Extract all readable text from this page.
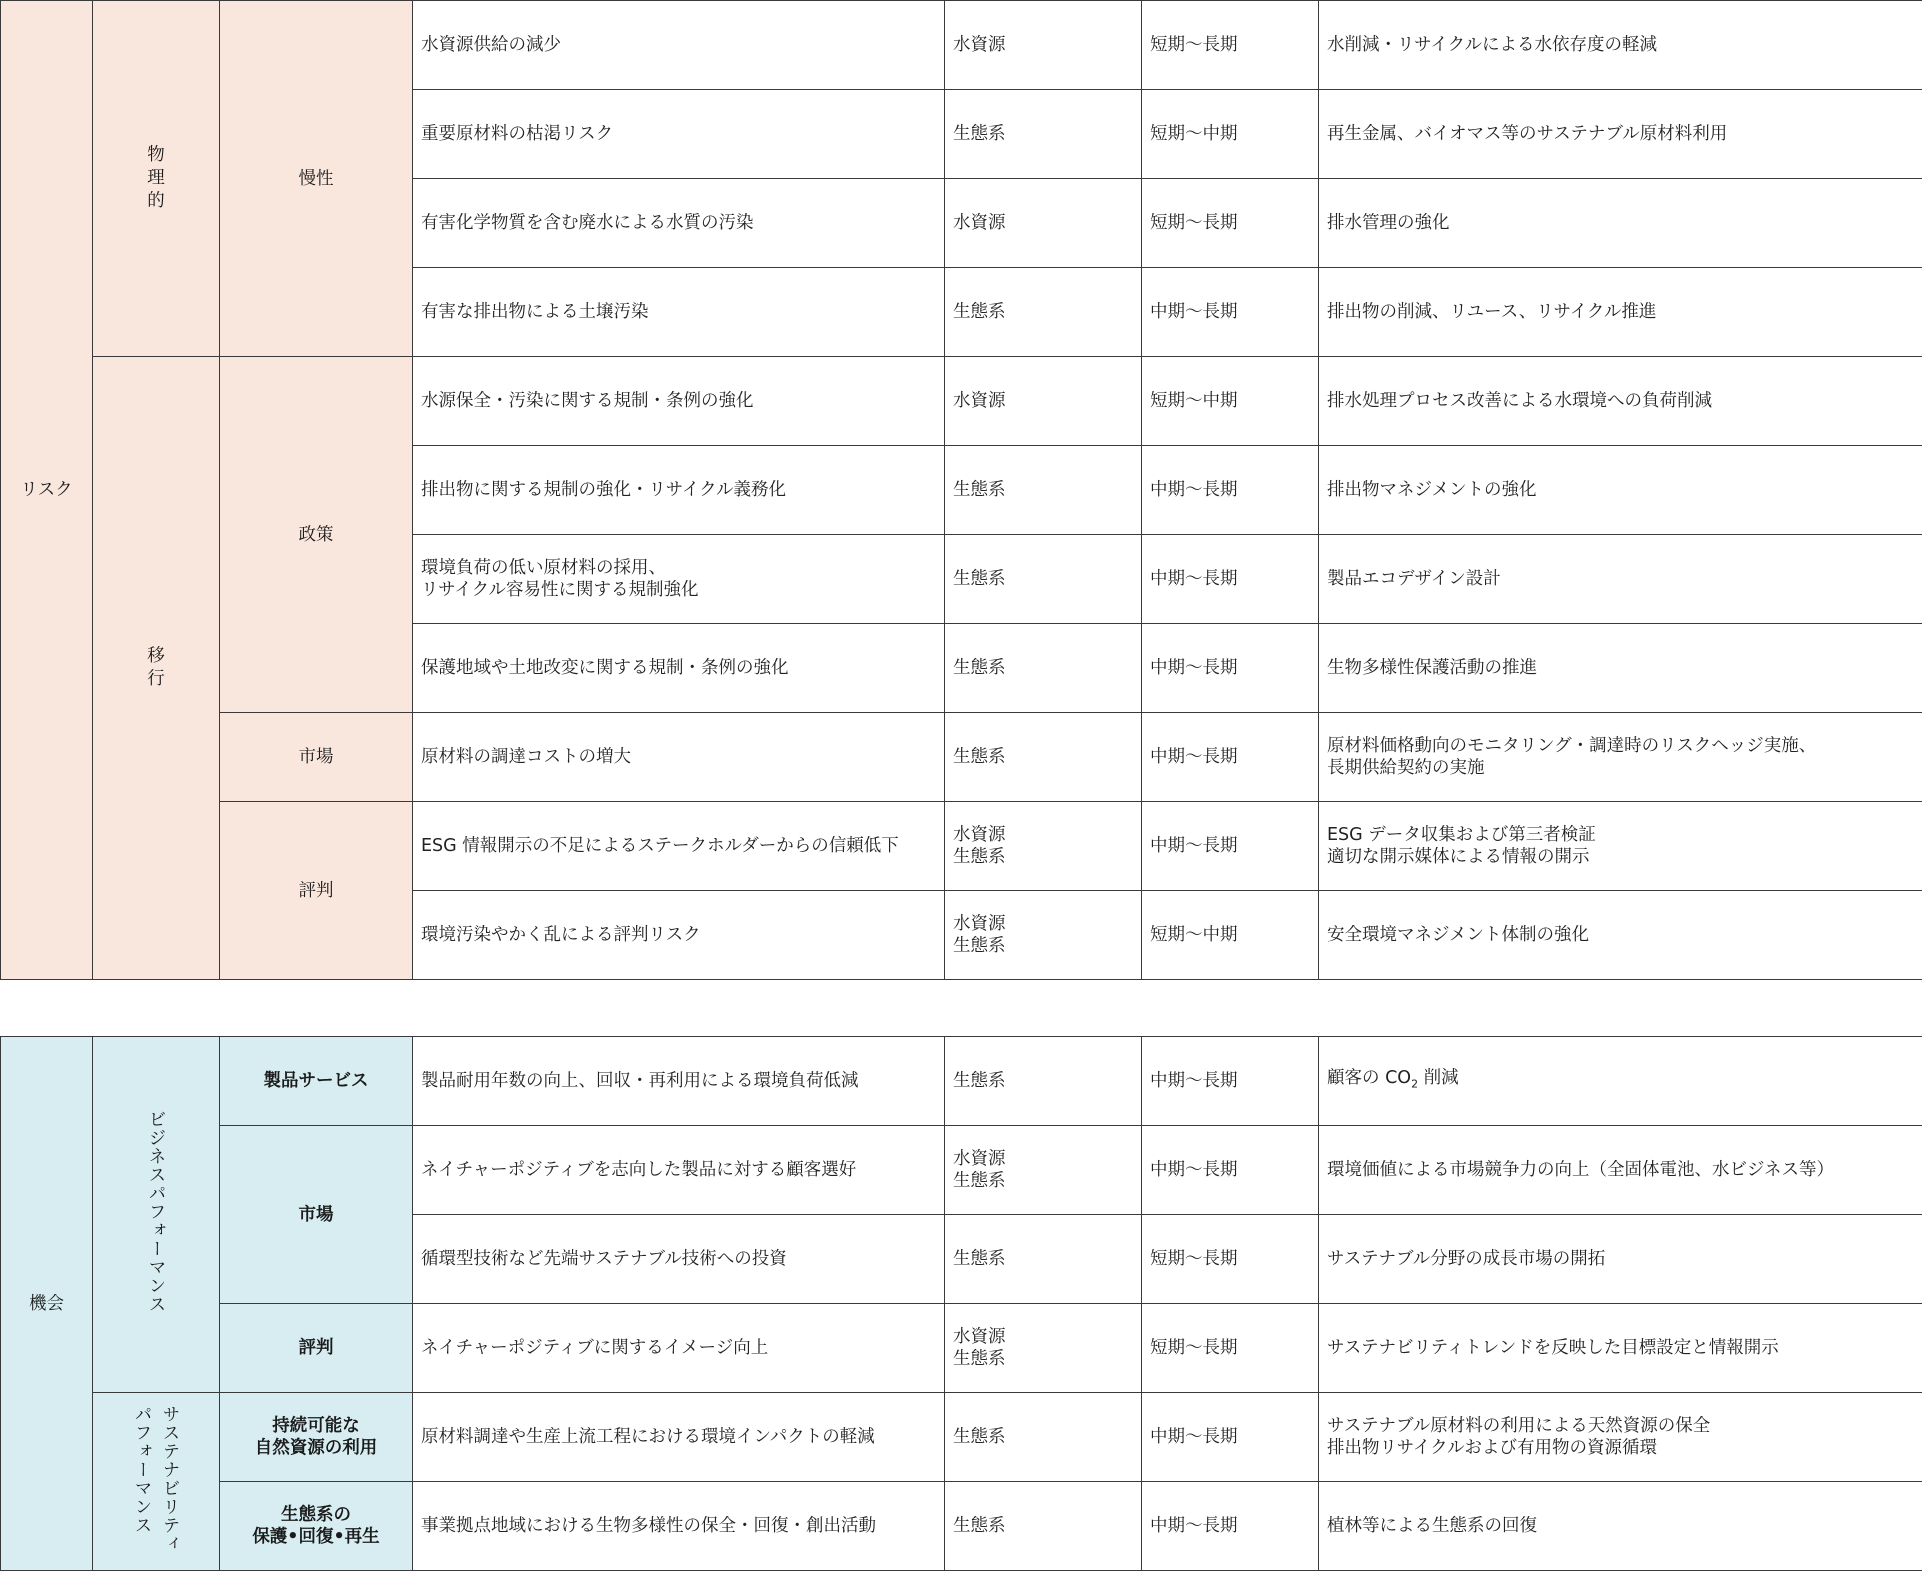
リスク	物理的	慢性	水資源供給の減少	水資源	短期〜長期	水削減・リサイクルによる水依存度の軽減
			重要原材料の枯渇リスク	生態系	短期〜中期	再生金属、バイオマス等のサステナブル原材料利用
			有害化学物質を含む廃水による水質の汚染	水資源	短期〜長期	排水管理の強化
			有害な排出物による土壌汚染	生態系	中期〜長期	排出物の削減、リユース、リサイクル推進
	移行	政策	水源保全・汚染に関する規制・条例の強化	水資源	短期〜中期	排水処理プロセス改善による水環境への負荷削減
			排出物に関する規制の強化・リサイクル義務化	生態系	中期〜長期	排出物マネジメントの強化
			環境負荷の低い原材料の採用、
リサイクル容易性に関する規制強化	生態系	中期〜長期	製品エコデザイン設計
			保護地域や土地改変に関する規制・条例の強化	生態系	中期〜長期	生物多様性保護活動の推進
		市場	原材料の調達コストの増大	生態系	中期〜長期	原材料価格動向のモニタリング・調達時のリスクヘッジ実施、
長期供給契約の実施
		評判	ESG 情報開示の不足によるステークホルダーからの信頼低下	水資源
生態系	中期〜長期	ESG データ収集および第三者検証
適切な開示媒体による情報の開示
			環境汚染やかく乱による評判リスク	水資源
生態系	短期〜中期	安全環境マネジメント体制の強化
機会	ビジネスパフォーマンス	製品サービス	製品耐用年数の向上、回収・再利用による環境負荷低減	生態系	中期〜長期	顧客の $CO_2$ 削減
		市場	ネイチャーポジティブを志向した製品に対する顧客選好	水資源
生態系	中期〜長期	環境価値による市場競争力の向上（全固体電池、水ビジネス等）
			循環型技術など先端サステナブル技術への投資	生態系	短期〜長期	サステナブル分野の成長市場の開拓
		評判	ネイチャーポジティブに関するイメージ向上	水資源
生態系	短期〜長期	サステナビリティトレンドを反映した目標設定と情報開示
	サステナビリティ
パフォーマンス	持続可能な
自然資源の利用	原材料調達や生産上流工程における環境インパクトの軽減	生態系	中期〜長期	サステナブル原材料の利用による天然資源の保全
排出物リサイクルおよび有用物の資源循環
		生態系の
保護•回復•再生	事業拠点地域における生物多様性の保全・回復・創出活動	生態系	中期〜長期	植林等による生態系の回復
